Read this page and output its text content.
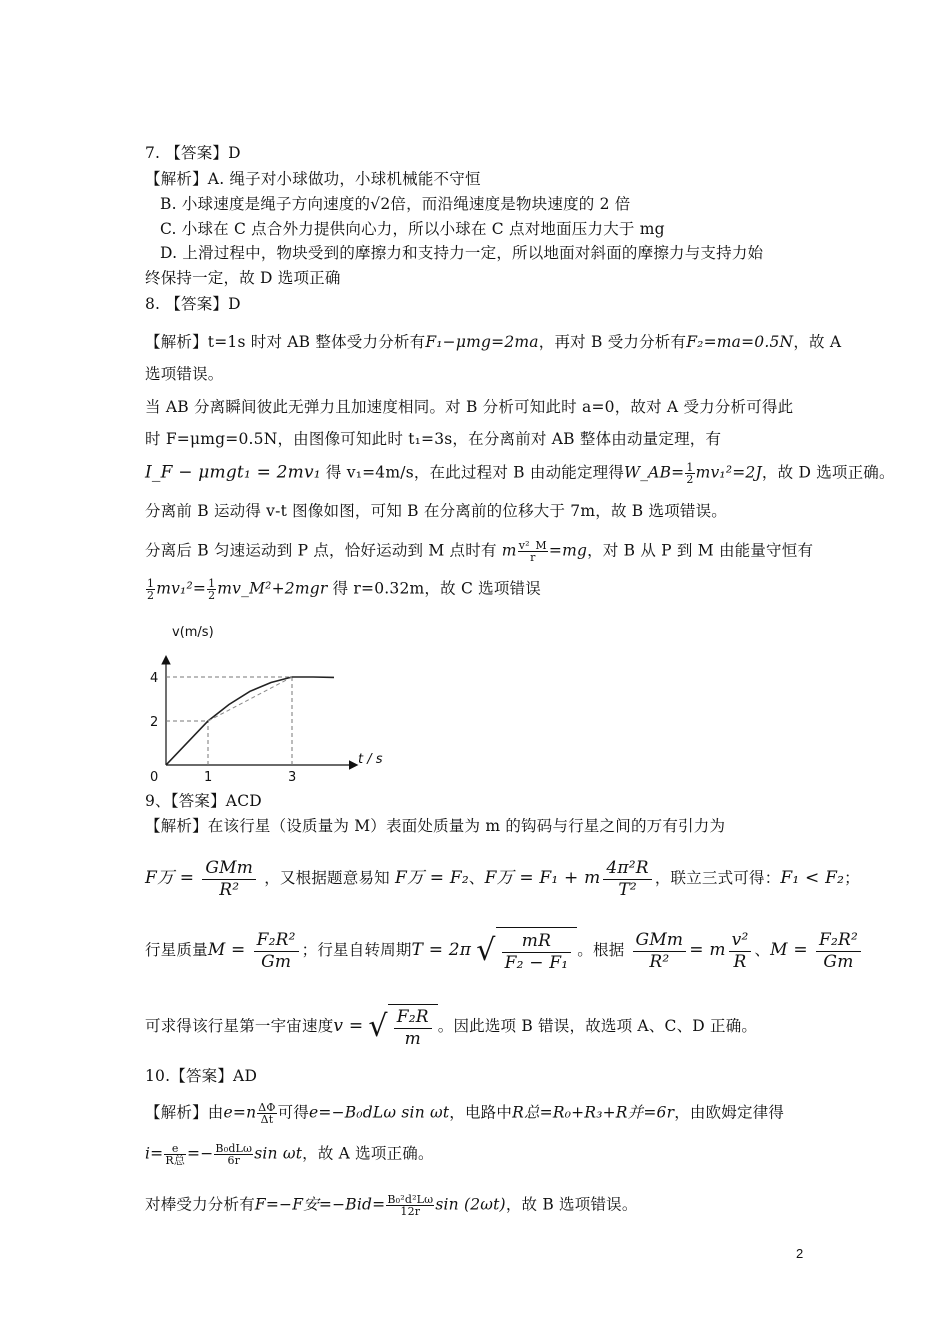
7. 【答案】D
【解析】A. 绳子对小球做功，小球机械能不守恒
B. 小球速度是绳子方向速度的√2倍，而沿绳速度是物块速度的 2 倍
C. 小球在 C 点合外力提供向心力，所以小球在 C 点对地面压力大于 mg
D. 上滑过程中，物块受到的摩擦力和支持力一定，所以地面对斜面的摩擦力与支持力始
终保持一定，故 D 选项正确
8. 【答案】D
【解析】t=1s 时对 AB 整体受力分析有F₁−μmg=2ma，再对 B 受力分析有F₂=ma=0.5N，故 A
选项错误。
当 AB 分离瞬间彼此无弹力且加速度相同。对 B 分析可知此时 a=0，故对 A 受力分析可得此
时 F=μmg=0.5N，由图像可知此时 t₁=3s，在分离前对 AB 整体由动量定理，有
I_F − μmgt₁ = 2mv₁ 得 v₁=4m/s，在此过程对 B 由动能定理得W_AB= $\frac{1}{2} mv_1^2=2J$，故 D 选项正确。
分离前 B 运动得 v-t 图像如图，可知 B 在分离前的位移大于 7m，故 B 选项错误。
分离后 B 匀速运动到 P 点，恰好运动到 M 点时有 m $\frac{\text{v²\_M}}{r} =mg$，对 B 从 P 到 M 由能量守恒有
$\frac{1}{2} mv_1^2= \frac{1}{2}$ mv_M²+2mgr 得 r=0.32m，故 C 选项错误
v(m/s)
t / s
2
4
0	1	3
9、【答案】ACD
【解析】在该行星（设质量为 M）表面处质量为 m 的钩码与行星之间的万有引力为
F万 =
GMm
R²
，又根据题意易知 F万 = F₂、F万 = F₁ + m $\frac{\text{4π²R}}{\text{T²}}$ ，联立三式可得：F₁ < F₂；
行星质量$M = \frac{\text{F₂R²}}{Gm}$ ；行星自转周期T = 2π √ $\frac{mR}{\text{F₂ − F₁}}$ 。根据
GMm
R²
= m $\frac{\text{v²}}{R}$ 、$M = \frac{\text{F₂R²}}{Gm}$
可求得该行星第一宇宙速度v = √ $\frac{\text{F₂R}}{m}$ 。因此选项 B 错误，故选项 A、C、D 正确。
10.【答案】AD
【解析】由$e=n \frac{\Delta\Phi}{\Delta t}$ 可得e=−B₀dLω sin ωt，电路中R总=R₀+R₃+R并=6r，由欧姆定律得
i= e
R总 =− B₀dLω
6r sin ωt，故 A 选项正确。
对棒受力分析有F=−F安$=-Bid= \frac{\text{B₀²d²Lω}}{12r}$ sin (2ωt)，故 B 选项错误。
2
